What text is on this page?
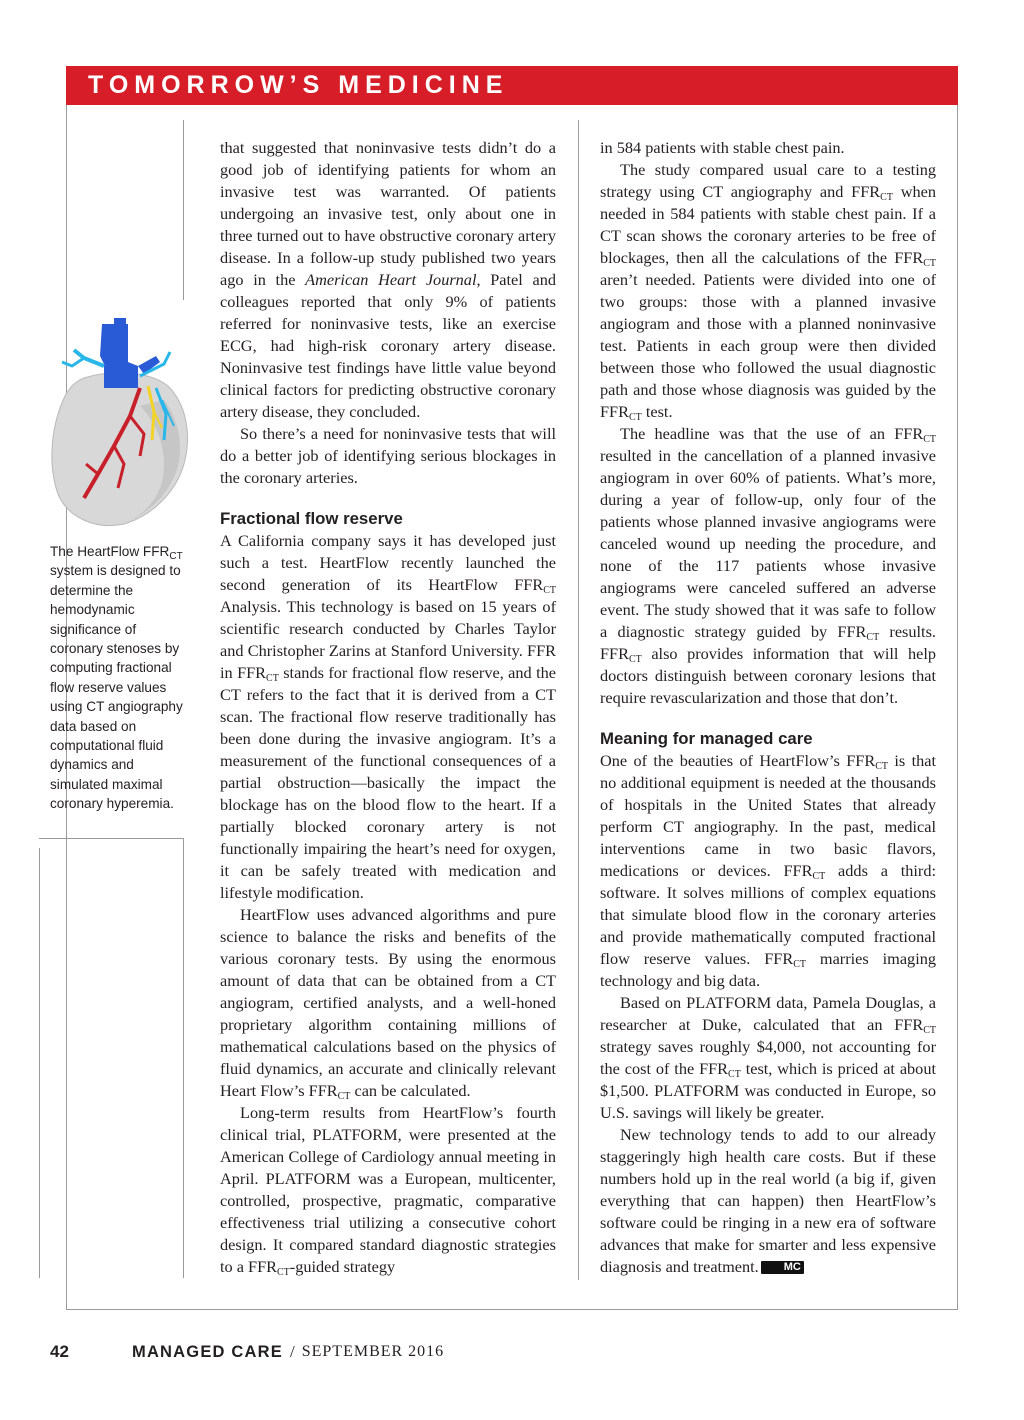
TOMORROW’S MEDICINE
The HeartFlow $FFR_{CT}$ system is designed to determine the hemodynamic significance of coronary stenoses by computing fractional flow reserve values using CT angiography data based on computational fluid dynamics and simulated maximal coronary hyperemia.

that suggested that noninvasive tests didn’t do a good job of identifying patients for whom an invasive test was warranted. Of patients undergoing an invasive test, only about one in three turned out to have obstructive coronary artery disease. In a follow-up study published two years ago in the American Heart Journal, Patel and colleagues reported that only 9% of patients referred for noninvasive tests, like an exercise ECG, had high-risk coronary artery disease. Noninvasive test findings have little value beyond clinical factors for predicting obstructive coronary artery disease, they concluded.

So there’s a need for noninvasive tests that will do a better job of identifying serious blockages in the coronary arteries.

Fractional flow reserve

A California company says it has developed just such a test. HeartFlow recently launched the second generation of its HeartFlow $FFR_{CT}$ Analysis. This technology is based on 15 years of scientific research conducted by Charles Taylor and Christopher Zarins at Stanford University. FFR in $FFR_{CT}$ stands for fractional flow reserve, and the CT refers to the fact that it is derived from a CT scan. The fractional flow reserve traditionally has been done during the invasive angiogram. It’s a measurement of the functional consequences of a partial obstruction—basically the impact the blockage has on the blood flow to the heart. If a partially blocked coronary artery is not functionally impairing the heart’s need for oxygen, it can be safely treated with medication and lifestyle modification.

HeartFlow uses advanced algorithms and pure science to balance the risks and benefits of the various coronary tests. By using the enormous amount of data that can be obtained from a CT angiogram, certified analysts, and a well-honed proprietary algorithm containing millions of mathematical calculations based on the physics of fluid dynamics, an accurate and clinically relevant Heart Flow’s $FFR_{CT}$ can be calculated.

Long-term results from HeartFlow’s fourth clinical trial, PLATFORM, were presented at the American College of Cardiology annual meeting in April. PLATFORM was a European, multicenter, controlled, prospective, pragmatic, comparative effectiveness trial utilizing a consecutive cohort design. It compared standard diagnostic strategies to a $FFR_{CT}$-guided strategy

in 584 patients with stable chest pain.

The study compared usual care to a testing strategy using CT angiography and $FFR_{CT}$ when needed in 584 patients with stable chest pain. If a CT scan shows the coronary arteries to be free of blockages, then all the calculations of the $FFR_{CT}$ aren’t needed. Patients were divided into one of two groups: those with a planned invasive angiogram and those with a planned noninvasive test. Patients in each group were then divided between those who followed the usual diagnostic path and those whose diagnosis was guided by the $FFR_{CT}$ test.

The headline was that the use of an $FFR_{CT}$ resulted in the cancellation of a planned invasive angiogram in over 60% of patients. What’s more, during a year of follow-up, only four of the patients whose planned invasive angiograms were canceled wound up needing the procedure, and none of the 117 patients whose invasive angiograms were canceled suffered an adverse event. The study showed that it was safe to follow a diagnostic strategy guided by $FFR_{CT}$ results. $FFR_{CT}$ also provides information that will help doctors distinguish between coronary lesions that require revascularization and those that don’t.

Meaning for managed care

One of the beauties of HeartFlow’s $FFR_{CT}$ is that no additional equipment is needed at the thousands of hospitals in the United States that already perform CT angiography. In the past, medical interventions came in two basic flavors, medications or devices. $FFR_{CT}$ adds a third: software. It solves millions of complex equations that simulate blood flow in the coronary arteries and provide mathematically computed fractional flow reserve values. $FFR_{CT}$ marries imaging technology and big data.

Based on PLATFORM data, Pamela Douglas, a researcher at Duke, calculated that an $FFR_{CT}$ strategy saves roughly $4,000, not accounting for the cost of the $FFR_{CT}$ test, which is priced at about $1,500. PLATFORM was conducted in Europe, so U.S. savings will likely be greater.

New technology tends to add to our already staggeringly high health care costs. But if these numbers hold up in the real world (a big if, given everything that can happen) then HeartFlow’s software could be ringing in a new era of software advances that make for smarter and less expensive diagnosis and treatment. MC

42	MANAGED CARE / SEPTEMBER 2016
